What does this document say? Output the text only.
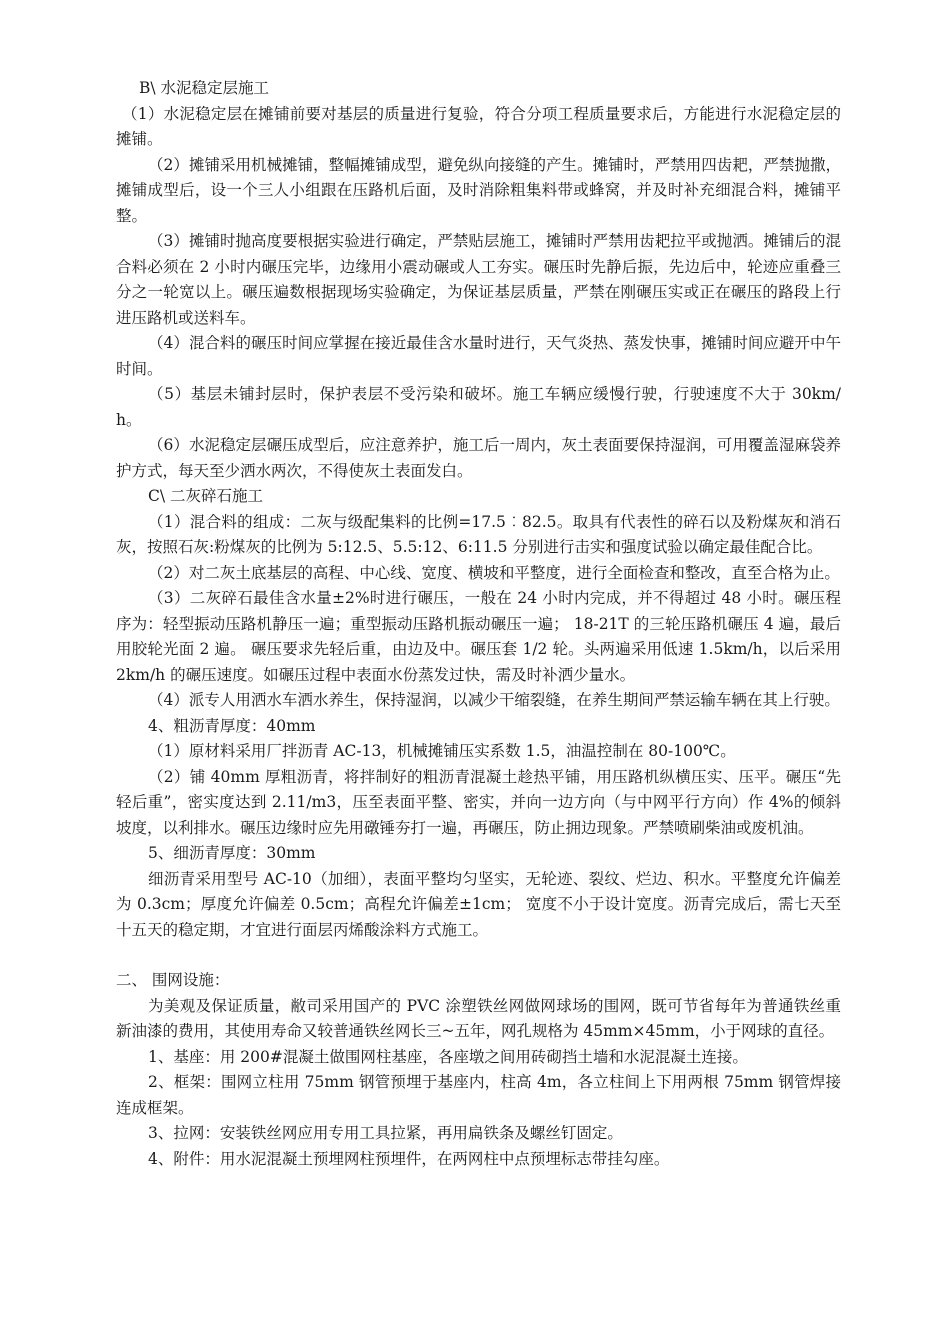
B\ 水泥稳定层施工

（1）水泥稳定层在摊铺前要对基层的质量进行复验，符合分项工程质量要求后，方能进行水泥稳定层的摊铺。

（2）摊铺采用机械摊铺，整幅摊铺成型，避免纵向接缝的产生。摊铺时，严禁用四齿耙，严禁抛撒，摊铺成型后，设一个三人小组跟在压路机后面，及时消除粗集料带或蜂窝，并及时补充细混合料，摊铺平整。

（3）摊铺时抛高度要根据实验进行确定，严禁贴层施工，摊铺时严禁用齿耙拉平或抛洒。摊铺后的混合料必须在 2 小时内碾压完毕，边缘用小震动碾或人工夯实。碾压时先静后振，先边后中，轮迹应重叠三分之一轮宽以上。碾压遍数根据现场实验确定，为保证基层质量，严禁在刚碾压实或正在碾压的路段上行进压路机或送料车。

（4）混合料的碾压时间应掌握在接近最佳含水量时进行，天气炎热、蒸发快事，摊铺时间应避开中午时间。

（5）基层未铺封层时，保护表层不受污染和破坏。施工车辆应缓慢行驶，行驶速度不大于 30km/h。

（6）水泥稳定层碾压成型后，应注意养护，施工后一周内，灰土表面要保持湿润，可用覆盖湿麻袋养护方式，每天至少洒水两次，不得使灰土表面发白。

C\ 二灰碎石施工

（1）混合料的组成：二灰与级配集料的比例=17.5︰82.5。取具有代表性的碎石以及粉煤灰和消石灰，按照石灰:粉煤灰的比例为 5:12.5、5.5:12、6:11.5 分别进行击实和强度试验以确定最佳配合比。

（2）对二灰土底基层的高程、中心线、宽度、横坡和平整度，进行全面检查和整改，直至合格为止。

（3）二灰碎石最佳含水量±2%时进行碾压，一般在 24 小时内完成，并不得超过 48 小时。碾压程序为：轻型振动压路机静压一遍；重型振动压路机振动碾压一遍； 18-21T 的三轮压路机碾压 4 遍，最后用胶轮光面 2 遍。 碾压要求先轻后重，由边及中。碾压套 1/2 轮。头两遍采用低速 1.5km/h，以后采用 2km/h 的碾压速度。如碾压过程中表面水份蒸发过快，需及时补洒少量水。

（4）派专人用洒水车洒水养生，保持湿润，以减少干缩裂缝，在养生期间严禁运输车辆在其上行驶。

4、粗沥青厚度：40mm

（1）原材料采用厂拌沥青 AC-13，机械摊铺压实系数 1.5，油温控制在 80-100℃。

（2）铺 40mm 厚粗沥青，将拌制好的粗沥青混凝土趁热平铺，用压路机纵横压实、压平。碾压“先轻后重”，密实度达到 2.11/m3，压至表面平整、密实，并向一边方向（与中网平行方向）作 4%的倾斜坡度，以利排水。碾压边缘时应先用礅锤夯打一遍，再碾压，防止拥边现象。严禁喷刷柴油或废机油。

5、细沥青厚度：30mm

细沥青采用型号 AC-10（加细），表面平整均匀坚实，无轮迹、裂纹、烂边、积水。平整度允许偏差为 0.3cm；厚度允许偏差 0.5cm；高程允许偏差±1cm； 宽度不小于设计宽度。沥青完成后，需七天至十五天的稳定期，才宜进行面层丙烯酸涂料方式施工。

二、 围网设施：

为美观及保证质量，敝司采用国产的 PVC 涂塑铁丝网做网球场的围网，既可节省每年为普通铁丝重新油漆的费用，其使用寿命又较普通铁丝网长三~五年，网孔规格为 45mm×45mm，小于网球的直径。

1、基座：用 200#混凝土做围网柱基座，各座墩之间用砖砌挡土墙和水泥混凝土连接。

2、框架：围网立柱用 75mm 钢管预埋于基座内，柱高 4m，各立柱间上下用两根 75mm 钢管焊接连成框架。

3、拉网：安装铁丝网应用专用工具拉紧，再用扁铁条及螺丝钉固定。

4、附件：用水泥混凝土预埋网柱预埋件，在两网柱中点预埋标志带挂勾座。
